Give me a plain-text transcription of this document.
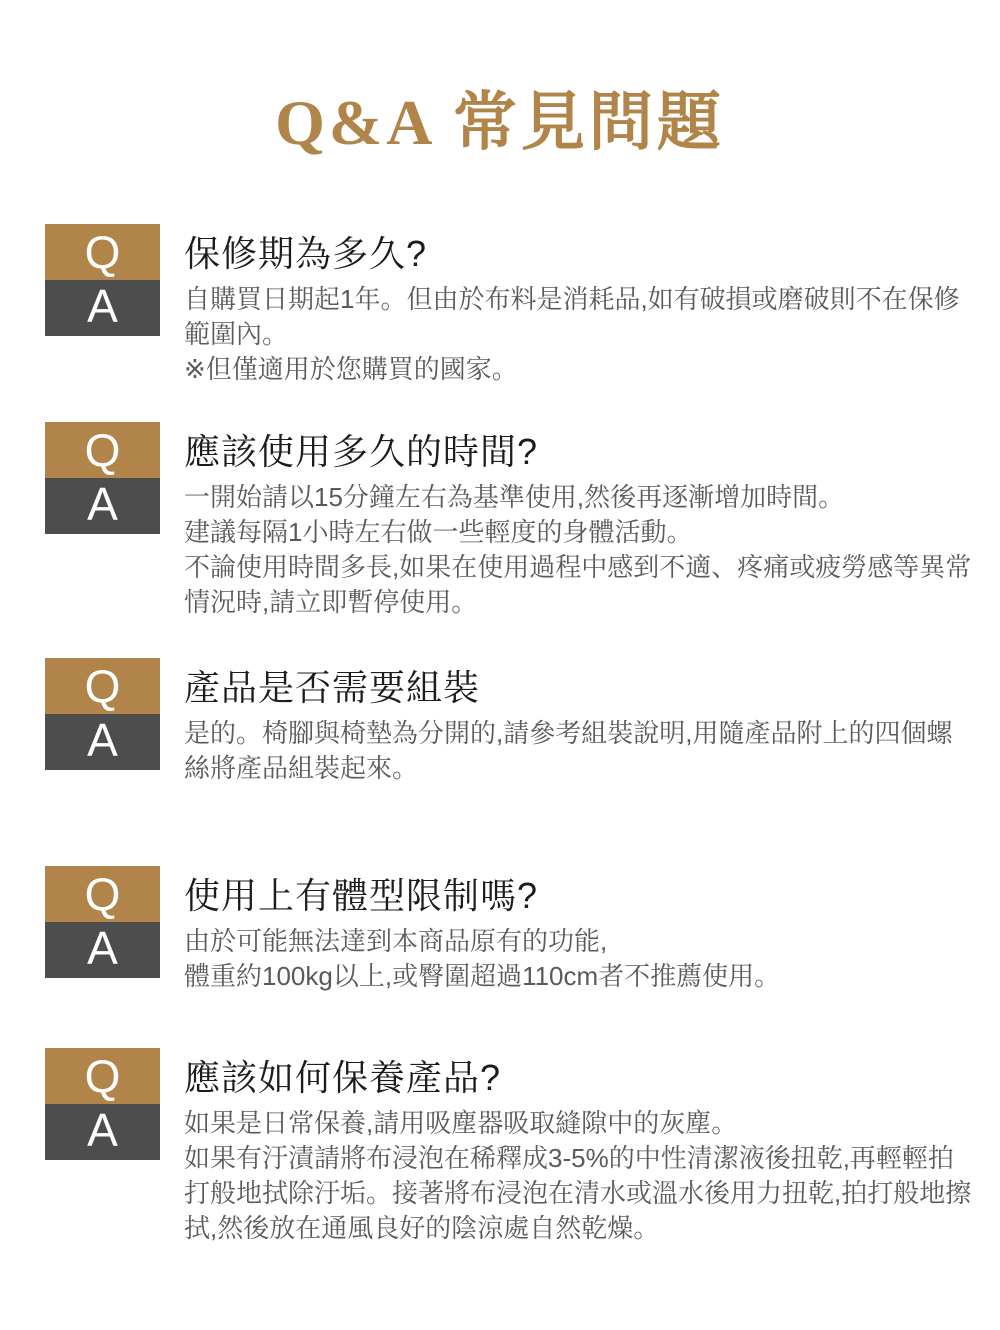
Q&A 常見問題
Q
A
保修期為多久?
自購買日期起1年。但由於布料是消耗品,如有破損或磨破則不在保修
範圍內。
※但僅適用於您購買的國家。
Q
A
應該使用多久的時間?
一開始請以15分鐘左右為基準使用,然後再逐漸增加時間。
建議每隔1小時左右做一些輕度的身體活動。
不論使用時間多長,如果在使用過程中感到不適、疼痛或疲勞感等異常
情況時,請立即暫停使用。
Q
A
產品是否需要組裝
是的。椅腳與椅墊為分開的,請參考組裝說明,用隨產品附上的四個螺
絲將產品組裝起來。
Q
A
使用上有體型限制嗎?
由於可能無法達到本商品原有的功能,
體重約100kg以上,或臀圍超過110cm者不推薦使用。
Q
A
應該如何保養產品?
如果是日常保養,請用吸塵器吸取縫隙中的灰塵。
如果有汙漬請將布浸泡在稀釋成3-5%的中性清潔液後扭乾,再輕輕拍
打般地拭除汙垢。接著將布浸泡在清水或溫水後用力扭乾,拍打般地擦
拭,然後放在通風良好的陰涼處自然乾燥。
